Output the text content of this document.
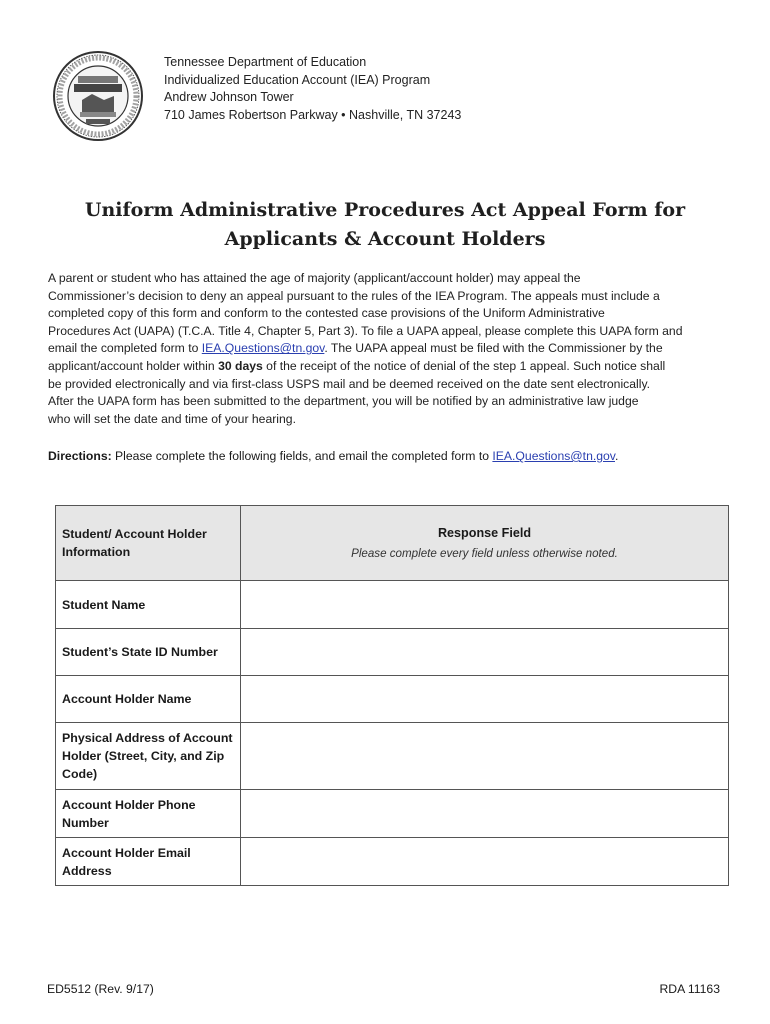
Tennessee Department of Education
Individualized Education Account (IEA) Program
Andrew Johnson Tower
710 James Robertson Parkway • Nashville, TN 37243
Uniform Administrative Procedures Act Appeal Form for
Applicants & Account Holders
A parent or student who has attained the age of majority (applicant/account holder) may appeal the
Commissioner’s decision to deny an appeal pursuant to the rules of the IEA Program. The appeals must include a
completed copy of this form and conform to the contested case provisions of the Uniform Administrative
Procedures Act (UAPA) (T.C.A. Title 4, Chapter 5, Part 3). To file a UAPA appeal, please complete this UAPA form and
email the completed form to IEA.Questions@tn.gov. The UAPA appeal must be filed with the Commissioner by the
applicant/account holder within 30 days of the receipt of the notice of denial of the step 1 appeal. Such notice shall
be provided electronically and via first-class USPS mail and be deemed received on the date sent electronically.
After the UAPA form has been submitted to the department, you will be notified by an administrative law judge
who will set the date and time of your hearing.
Directions: Please complete the following fields, and email the completed form to IEA.Questions@tn.gov.
Student/ Account Holder Information	Response Field
Please complete every field unless otherwise noted.

Student Name	
Student’s State ID Number	
Account Holder Name	
Physical Address of Account Holder (Street, City, and Zip Code)	
Account Holder Phone Number	
Account Holder Email Address	
ED5512 (Rev. 9/17)	RDA 11163
